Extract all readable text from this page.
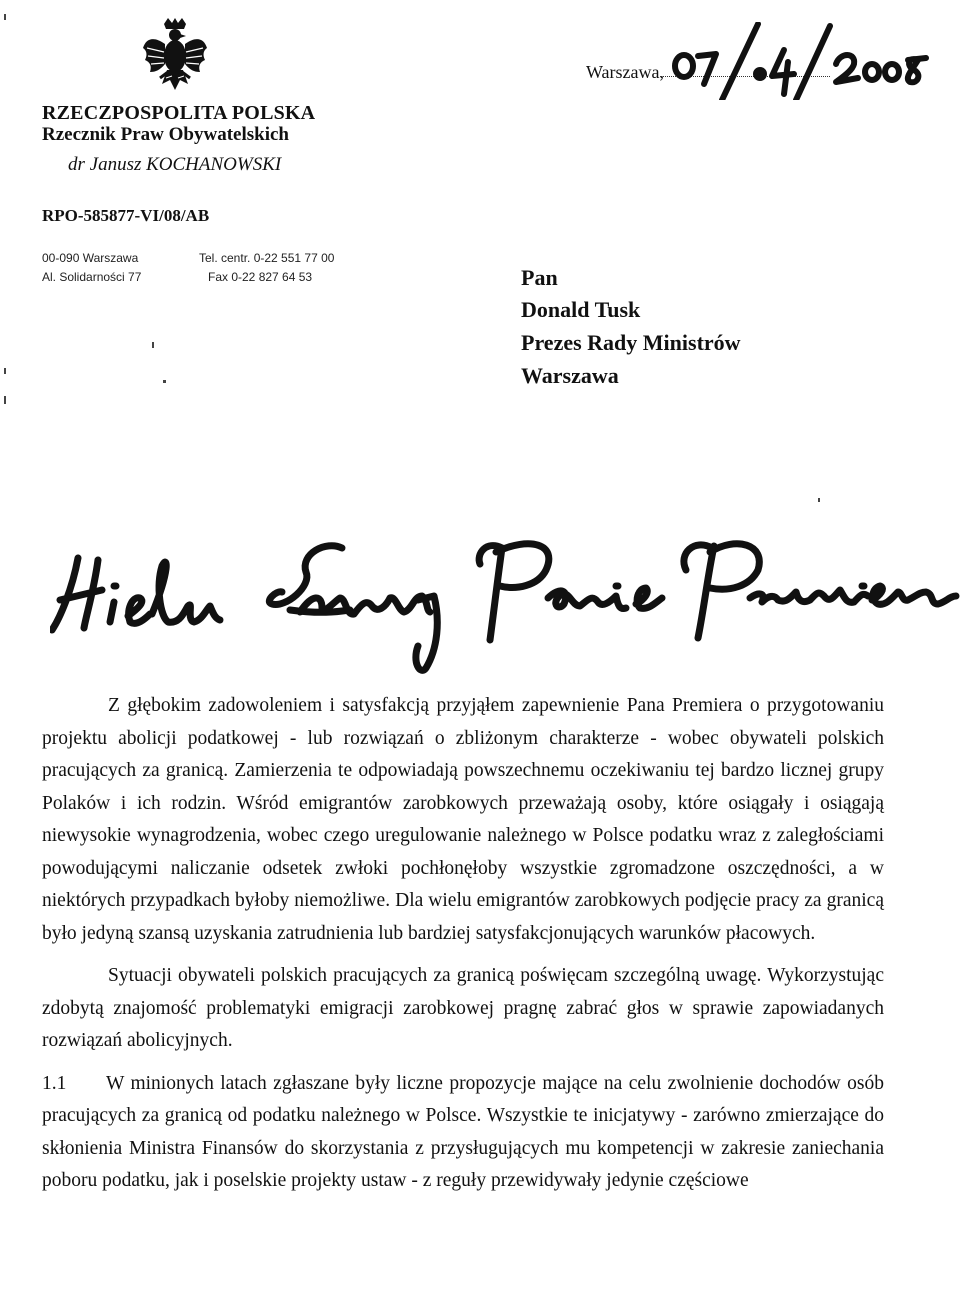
RZECZPOSPOLITA POLSKA
Rzecznik Praw Obywatelskich
dr Janusz KOCHANOWSKI
RPO-585877-VI/08/AB
00-090 Warszawa
Al. Solidarności 77
Tel. centr. 0-22 551 77 00
Fax 0-22 827 64 53
Warszawa,
Pan
Donald Tusk
Prezes Rady Ministrów
Warszawa

Z głębokim zadowoleniem i satysfakcją przyjąłem zapewnienie Pana Premiera o przygotowaniu projektu abolicji podatkowej - lub rozwiązań o zbliżonym charakterze - wobec obywateli polskich pracujących za granicą. Zamierzenia te odpowiadają powszechnemu oczekiwaniu tej bardzo licznej grupy Polaków i ich rodzin. Wśród emigrantów zarobkowych przeważają osoby, które osiągały i osiągają niewysokie wynagrodzenia, wobec czego uregulowanie należnego w Polsce podatku wraz z zaległościami powodującymi naliczanie odsetek zwłoki pochłonęłoby wszystkie zgromadzone oszczędności, a w niektórych przypadkach byłoby niemożliwe. Dla wielu emigrantów zarobkowych podjęcie pracy za granicą było jedyną szansą uzyskania zatrudnienia lub bardziej satysfakcjonujących warunków płacowych.

Sytuacji obywateli polskich pracujących za granicą poświęcam szczególną uwagę. Wykorzystując zdobytą znajomość problematyki emigracji zarobkowej pragnę zabrać głos w sprawie zapowiadanych rozwiązań abolicyjnych.

1.1 W minionych latach zgłaszane były liczne propozycje mające na celu zwolnienie dochodów osób pracujących za granicą od podatku należnego w Polsce. Wszystkie te inicjatywy - zarówno zmierzające do skłonienia Ministra Finansów do skorzystania z przysługujących mu kompetencji w zakresie zaniechania poboru podatku, jak i poselskie projekty ustaw - z reguły przewidywały jedynie częściowe
